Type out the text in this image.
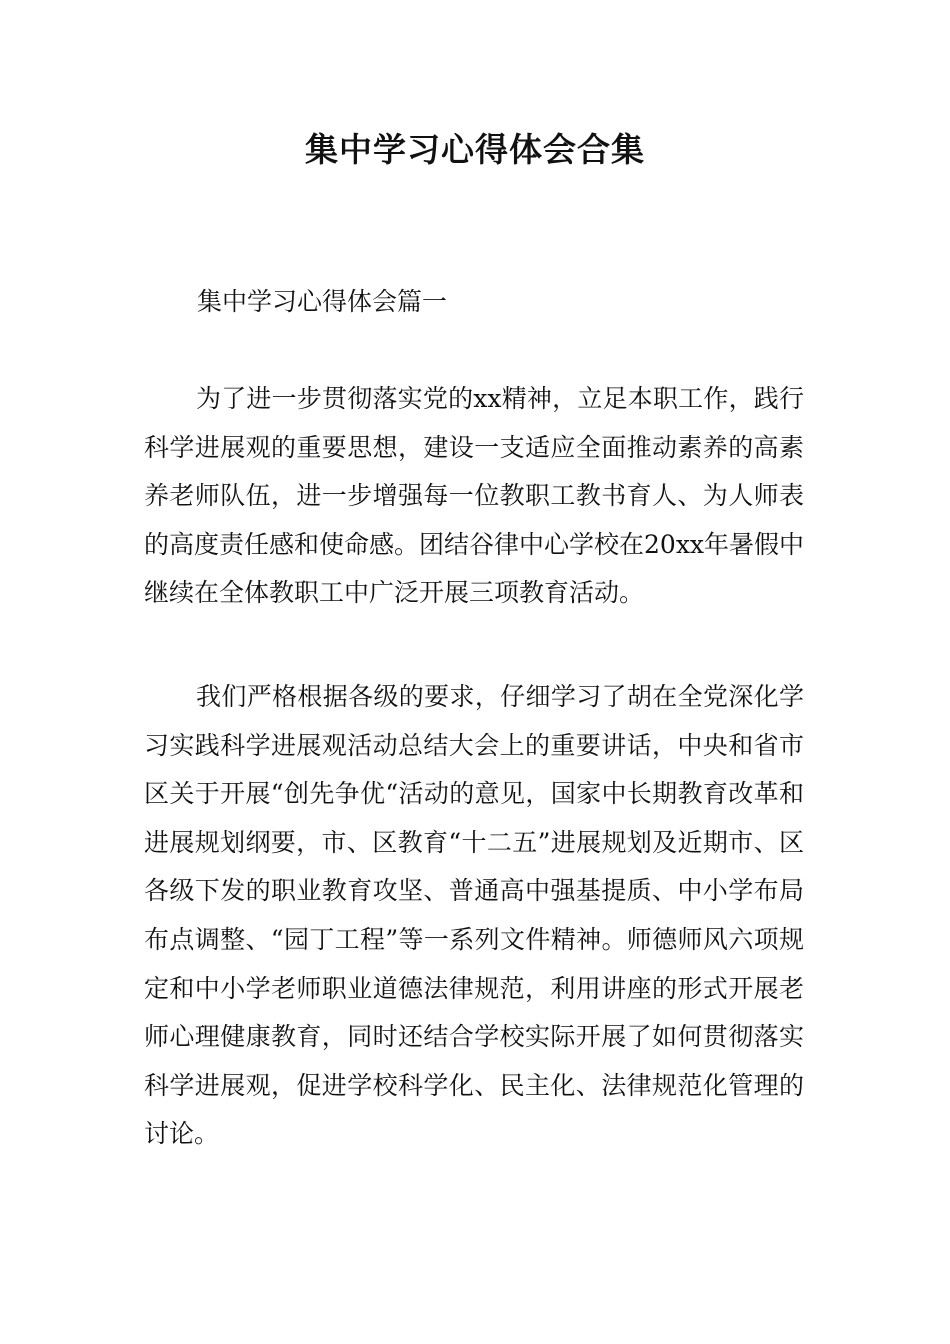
集中学习心得体会合集

集中学习心得体会篇一

为了进一步贯彻落实党的xx精神，立足本职工作，践行科学进展观的重要思想，建设一支适应全面推动素养的高素养老师队伍，进一步增强每一位教职工教书育人、为人师表的高度责任感和使命感。团结谷律中心学校在20xx年暑假中继续在全体教职工中广泛开展三项教育活动。

我们严格根据各级的要求，仔细学习了胡在全党深化学习实践科学进展观活动总结大会上的重要讲话，中央和省市区关于开展“创先争优“活动的意见，国家中长期教育改革和进展规划纲要，市、区教育“十二五”进展规划及近期市、区各级下发的职业教育攻坚、普通高中强基提质、中小学布局布点调整、“园丁工程”等一系列文件精神。师德师风六项规定和中小学老师职业道德法律规范，利用讲座的形式开展老师心理健康教育，同时还结合学校实际开展了如何贯彻落实科学进展观，促进学校科学化、民主化、法律规范化管理的讨论。
